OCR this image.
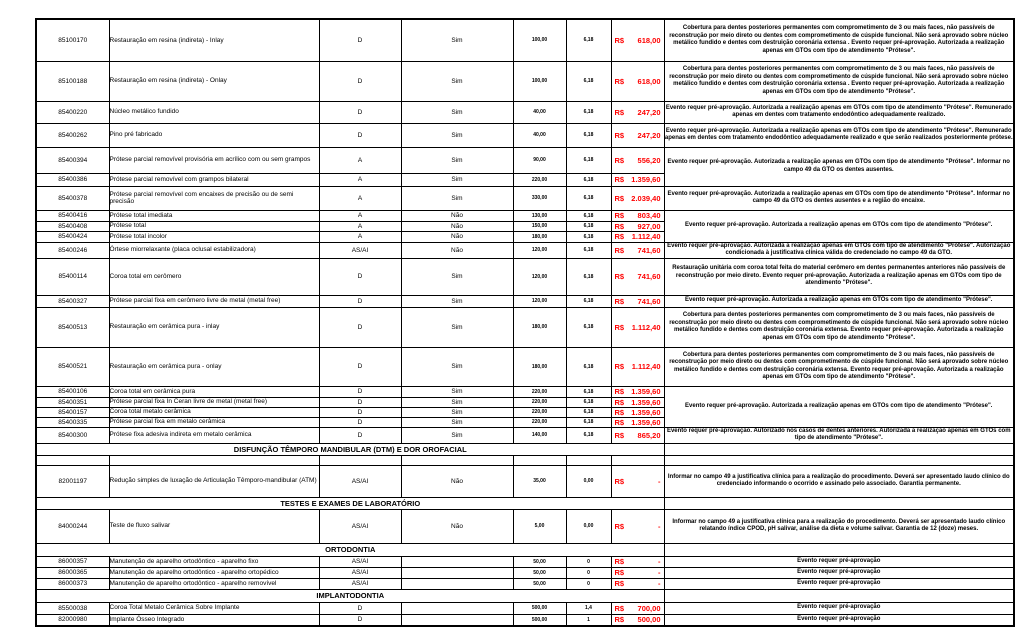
85100170	Restauração em resina (indireta) - Inlay	D	Sim	100,00	6,18	R$ 618,00	Cobertura para dentes posteriores permanentes com comprometimento de 3 ou mais faces, não passíveis de reconstrução por meio direto ou dentes com comprometimento de cúspide funcional. Não será aprovado sobre núcleo metálico fundido e dentes com destruição coronária extensa . Evento requer pré-aprovação. Autorizada a realização apenas em GTOs com tipo de atendimento "Prótese".
85100188	Restauração em resina (indireta) - Onlay	D	Sim	100,00	6,18	R$ 618,00	Cobertura para dentes posteriores permanentes com comprometimento de 3 ou mais faces, não passíveis de reconstrução por meio direto ou dentes com comprometimento de cúspide funcional. Não será aprovado sobre núcleo metálico fundido e dentes com destruição coronária extensa . Evento requer pré-aprovação. Autorizada a realização apenas em GTOs com tipo de atendimento "Prótese".
85400220	Núcleo metálico fundido	D	Sim	40,00	6,18	R$ 247,20	Evento requer pré-aprovação. Autorizada a realização apenas em GTOs com tipo de atendimento "Prótese". Remunerado apenas em dentes com tratamento endodôntico adequadamente realizado.
85400262	Pino pré fabricado	D	Sim	40,00	6,18	R$ 247,20	Evento requer pré-aprovação. Autorizada a realização apenas em GTOs com tipo de atendimento "Prótese". Remunerado apenas em dentes com tratamento endodôntico adequadamente realizado e que serão realizados posteriormente prótese.
85400394	Prótese parcial removível provisória em acrílico com ou sem grampos	A	Sim	90,00	6,18	R$ 556,20	Evento requer pré-aprovação. Autorizada a realização apenas em GTOs com tipo de atendimento "Prótese". Informar no campo 49 da GTO os dentes ausentes.
85400386	Prótese parcial removível com grampos bilateral	A	Sim	220,00	6,18	R$ 1.359,60	

85400378	Prótese parcial removível com encaixes de precisão ou de semi precisão	A	Sim	330,00	6,18	R$ 2.039,40	Evento requer pré-aprovação. Autorizada a realização apenas em GTOs com tipo de atendimento "Prótese". Informar no campo 49 da GTO os dentes ausentes e a região do encaixe.
85400416	Prótese total imediata	A	Não	130,00	6,18	R$ 803,40	Evento requer pré-aprovação. Autorizada a realização apenas em GTOs com tipo de atendimento "Prótese".
85400408	Prótese total	A	Não	150,00	6,18	R$ 927,00	

85400424	Prótese total incolor	A	Não	180,00	6,18	R$ 1.112,40	

85400246	Órtese miorrelaxante (placa oclusal estabilizadora)	AS/AI	Não	120,00	6,18	R$ 741,60	Evento requer pré-aprovação. Autorizada a realização apenas em GTOs com tipo de atendimento "Prótese". Autorização condicionada à justificativa clínica válida do credenciado no campo 49 da GTO.
85400114	Coroa total em cerômero	D	Sim	120,00	6,18	R$ 741,60	Restauração unitária com coroa total feita do material cerômero em dentes permanentes anteriores não passíveis de reconstrução por meio direto. Evento requer pré-aprovação. Autorizada a realização apenas em GTOs com tipo de atendimento "Prótese".
85400327	Prótese parcial fixa em cerômero livre de metal (metal free)	D	Sim	120,00	6,18	R$ 741,60	Evento requer pré-aprovação. Autorizada a realização apenas em GTOs com tipo de atendimento "Prótese".
85400513	Restauração em cerâmica pura - inlay	D	Sim	180,00	6,18	R$ 1.112,40	Cobertura para dentes posteriores permanentes com comprometimento de 3 ou mais faces, não passíveis de reconstrução por meio direto ou dentes com comprometimento de cúspide funcional. Não será aprovado sobre núcleo metálico fundido e dentes com destruição coronária extensa. Evento requer pré-aprovação. Autorizada a realização apenas em GTOs com tipo de atendimento "Prótese".
85400521	Restauração em cerâmica pura - onlay	D	Sim	180,00	6,18	R$ 1.112,40	Cobertura para dentes posteriores permanentes com comprometimento de 3 ou mais faces, não passíveis de reconstrução por meio direto ou dentes com comprometimento de cúspide funcional. Não será aprovado sobre núcleo metálico fundido e dentes com destruição coronária extensa. Evento requer pré-aprovação. Autorizada a realização apenas em GTOs com tipo de atendimento "Prótese".
85400106	Coroa total em cerâmica pura	D	Sim	220,00	6,18	R$ 1.359,60	Evento requer pré-aprovação. Autorizada a realização apenas em GTOs com tipo de atendimento "Prótese".
85400351	Prótese parcial fixa In Ceran livre de metal (metal free)	D	Sim	220,00	6,18	R$ 1.359,60	

85400157	Coroa total metalo cerâmica	D	Sim	220,00	6,18	R$ 1.359,60	

85400335	Prótese parcial fixa em metalo cerâmica	D	Sim	220,00	6,18	R$ 1.359,60	

85400300	Prótese fixa adesiva indireta em metalo cerâmica	D	Sim	140,00	6,18	R$ 865,20	Evento requer pré-aprovação. Autorizado nos casos de dentes anteriores. Autorizada a realização apenas em GTOs com tipo de atendimento "Prótese".
DISFUNÇÃO TÊMPORO MANDIBULAR (DTM) E DOR OROFACIAL							

82001197	Redução simples de luxação de Articulação Têmporo-mandibular (ATM)	AS/AI	Não	35,00	0,00	R$ -	Informar no campo 49 a justificativa clínica para a realização do procedimento. Deverá ser apresentado laudo clínico do credenciado informando o ocorrido e assinado pelo associado. Garantia permanente.
TESTES E EXAMES DE LABORATÓRIO							
84000244	Teste de fluxo salivar	AS/AI	Não	5,00	0,00	R$ -	Informar no campo 49 a justificativa clínica para a realização do procedimento. Deverá ser apresentado laudo clínico relatando índice CPOD, pH salivar, análise da dieta e volume salivar. Garantia de 12 (doze) meses.
ORTODONTIA							
86000357	Manutenção de aparelho ortodôntico - aparelho fixo	AS/AI		50,00	0	R$ -	Evento requer pré-aprovação
86000365	Manutenção de aparelho ortodôntico - aparelho ortopédico	AS/AI		50,00	0	R$ -	Evento requer pré-aprovação
86000373	Manutenção de aparelho ortodôntico - aparelho removível	AS/AI		50,00	0	R$ -	Evento requer pré-aprovação
IMPLANTODONTIA							
85500038	Coroa Total Metalo Cerâmica Sobre Implante	D		500,00	1,4	R$ 700,00	Evento requer pré-aprovação
82000980	Implante Ósseo Integrado	D		500,00	1	R$ 500,00	Evento requer pré-aprovação
